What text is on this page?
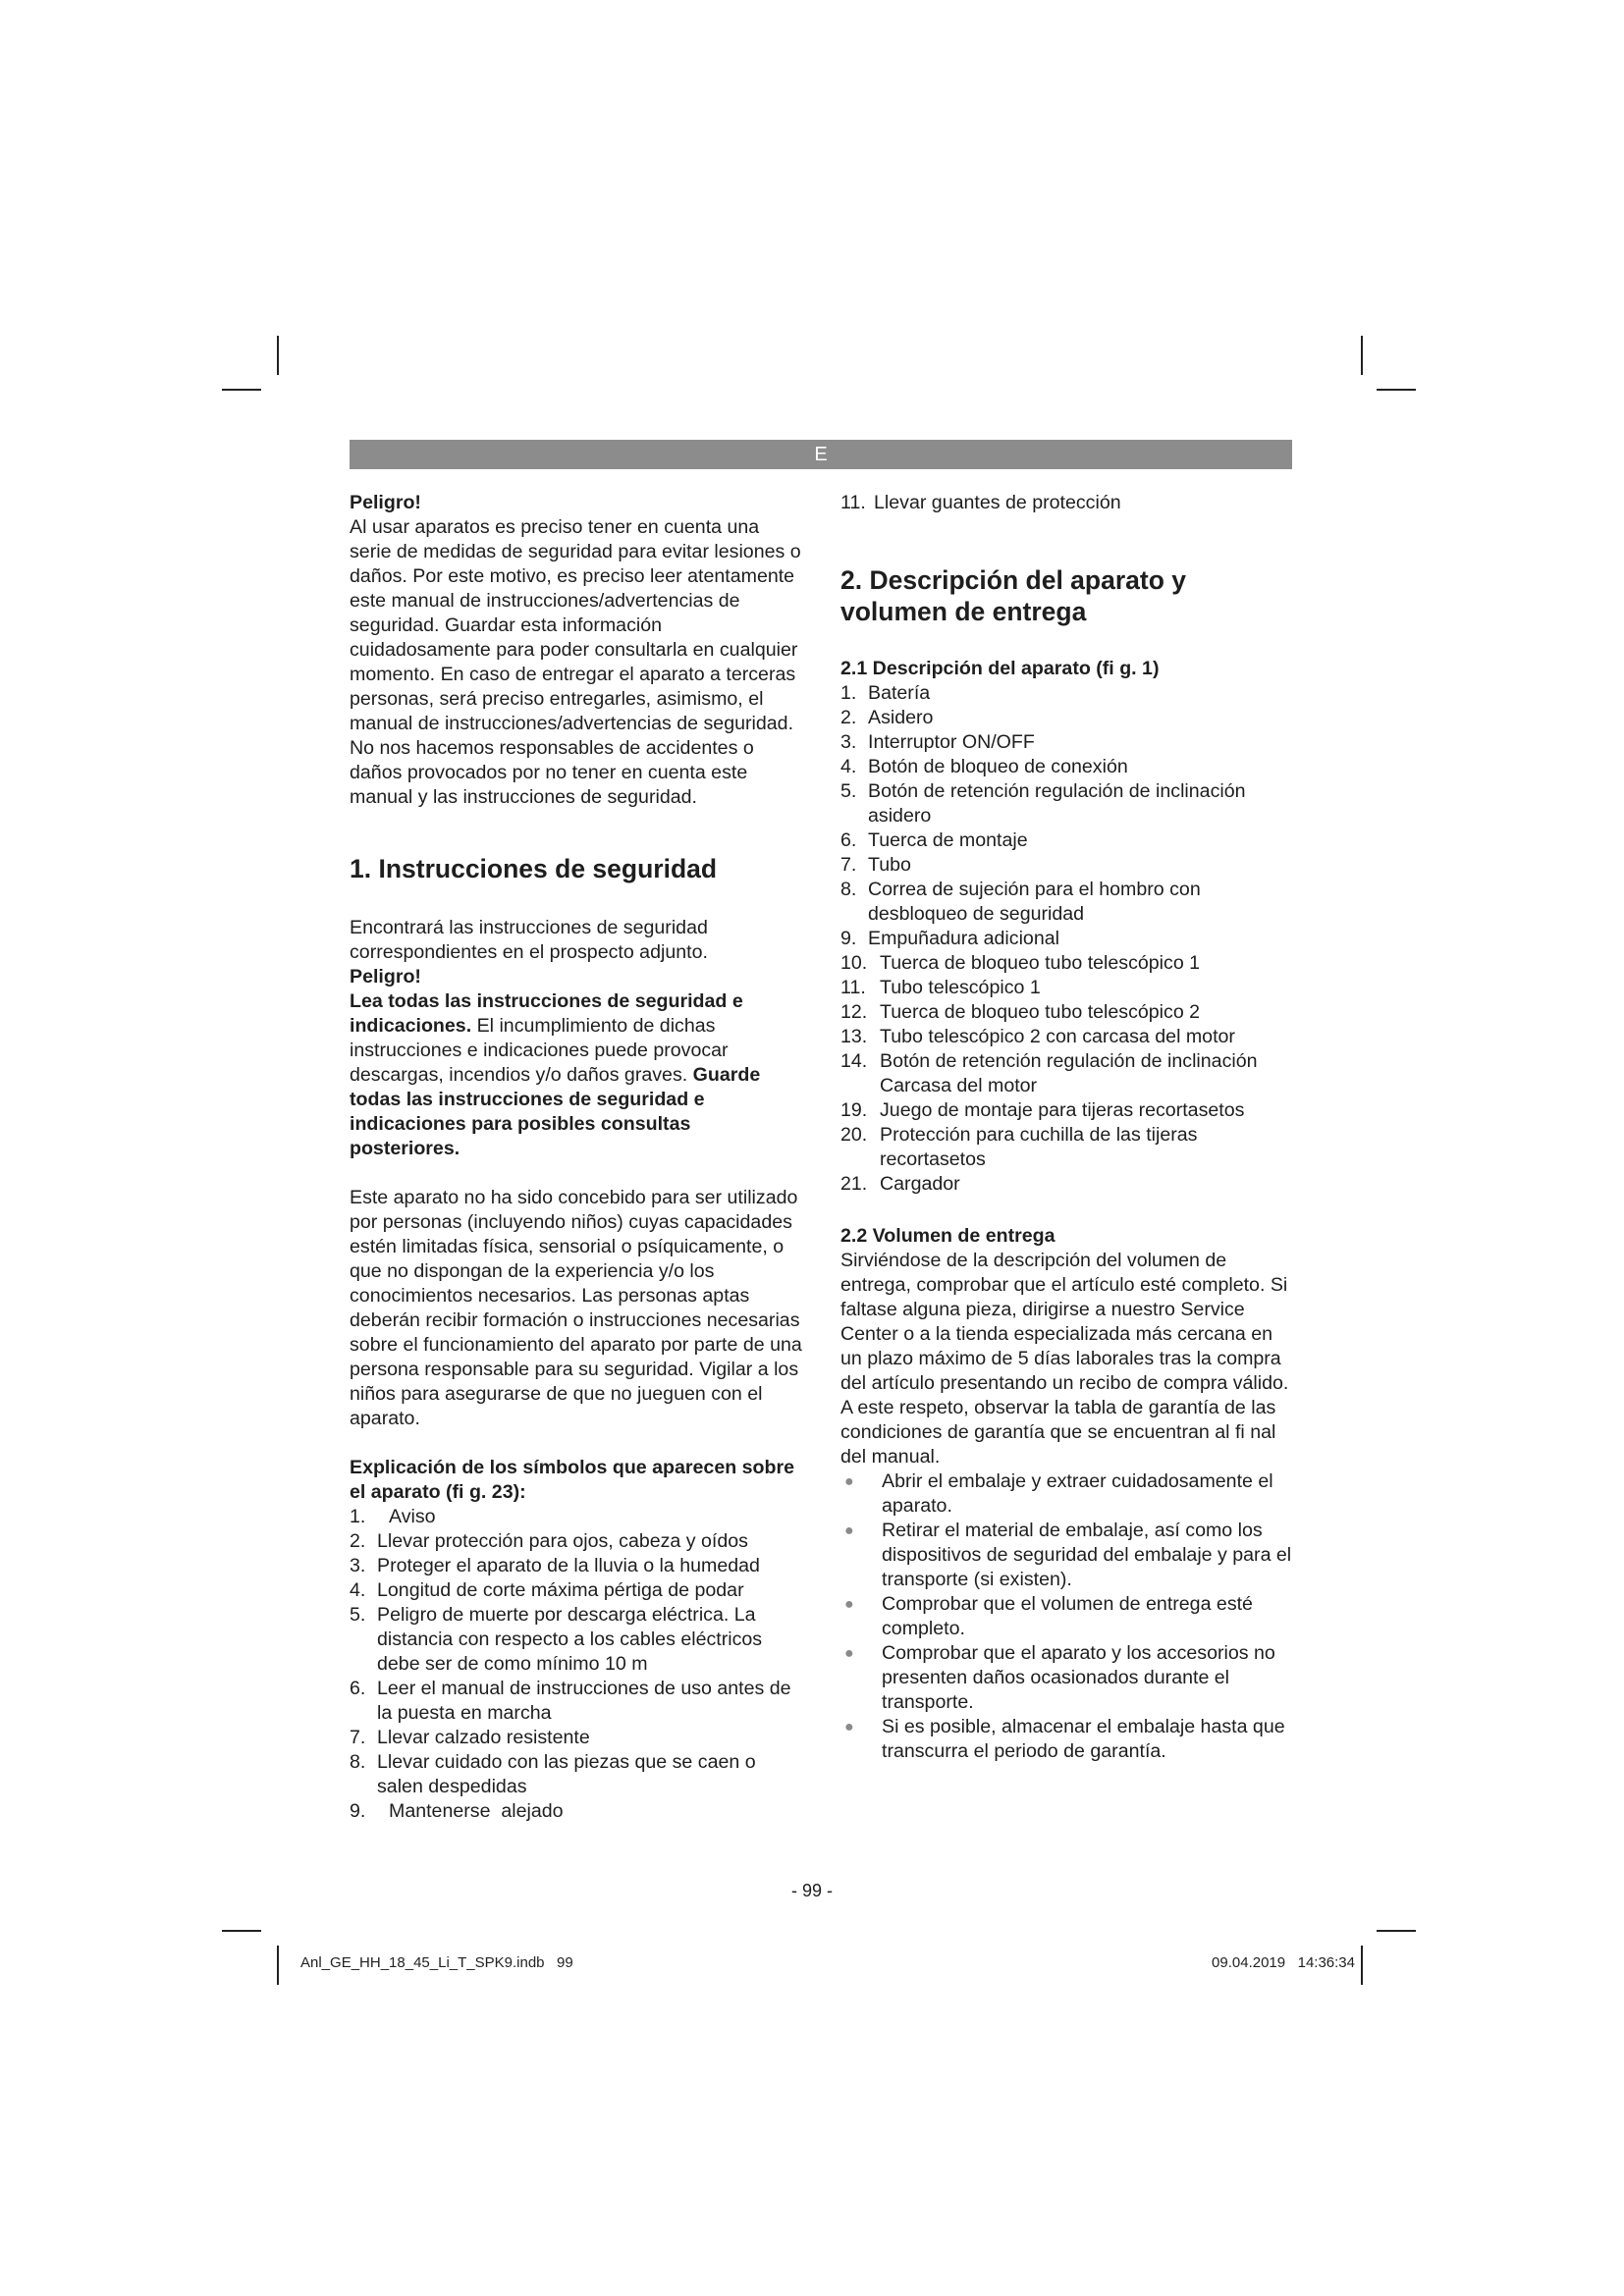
E

Peligro!

Al usar aparatos es preciso tener en cuenta una serie de medidas de seguridad para evitar lesiones o daños. Por este motivo, es preciso leer atentamente este manual de instrucciones/advertencias de seguridad. Guardar esta información cuidadosamente para poder consultarla en cualquier momento. En caso de entregar el aparato a terceras personas, será preciso entregarles, asimismo, el manual de instrucciones/advertencias de seguridad. No nos hacemos responsables de accidentes o daños provocados por no tener en cuenta este manual y las instrucciones de seguridad.

1. Instrucciones de seguridad

Encontrará las instrucciones de seguridad correspondientes en el prospecto adjunto.

Peligro!

Lea todas las instrucciones de seguridad e indicaciones. El incumplimiento de dichas instrucciones e indicaciones puede provocar descargas, incendios y/o daños graves. Guarde todas las instrucciones de seguridad e indicaciones para posibles consultas posteriores.

Este aparato no ha sido concebido para ser utilizado por personas (incluyendo niños) cuyas capacidades estén limitadas física, sensorial o psíquicamente, o que no dispongan de la experiencia y/o los conocimientos necesarios. Las personas aptas deberán recibir formación o instrucciones necesarias sobre el funcionamiento del aparato por parte de una persona responsable para su seguridad. Vigilar a los niños para asegurarse de que no jueguen con el aparato.

Explicación de los símbolos que aparecen sobre el aparato (fi g. 23):
1.	Aviso
2. Llevar protección para ojos, cabeza y oídos
3. Proteger el aparato de la lluvia o la humedad
4. Longitud de corte máxima pértiga de podar
5. Peligro de muerte por descarga eléctrica. La distancia con respecto a los cables eléctricos debe ser de como mínimo 10 m
6. Leer el manual de instrucciones de uso antes de la puesta en marcha
7. Llevar calzado resistente
8. Llevar cuidado con las piezas que se caen o salen despedidas
9.	Mantenerse  alejado
11. Llevar guantes de protección
2. Descripción del aparato y volumen de entrega
2.1 Descripción del aparato (fi g. 1)
1. Batería
2. Asidero
3. Interruptor ON/OFF
4. Botón de bloqueo de conexión
5. Botón de retención regulación de inclinación asidero
6. Tuerca de montaje
7. Tubo
8. Correa de sujeción para el hombro con desbloqueo de seguridad
9. Empuñadura adicional
10. Tuerca de bloqueo tubo telescópico 1
11. Tubo telescópico 1
12. Tuerca de bloqueo tubo telescópico 2
13. Tubo telescópico 2 con carcasa del motor
14. Botón de retención regulación de inclinación Carcasa del motor
19. Juego de montaje para tijeras recortasetos
20. Protección para cuchilla de las tijeras recortasetos
21. Cargador
2.2 Volumen de entrega

Sirviéndose de la descripción del volumen de entrega, comprobar que el artículo esté completo. Si faltase alguna pieza, dirigirse a nuestro Service Center o a la tienda especializada más cercana en un plazo máximo de 5 días laborales tras la compra del artículo presentando un recibo de compra válido. A este respeto, observar la tabla de garantía de las condiciones de garantía que se encuentran al fi nal del manual.

●	Abrir el embalaje y extraer cuidadosamente el aparato.
●	Retirar el material de embalaje, así como los dispositivos de seguridad del embalaje y para el transporte (si existen).
●	Comprobar que el volumen de entrega esté completo.
●	Comprobar que el aparato y los accesorios no presenten daños ocasionados durante el transporte.
●	Si es posible, almacenar el embalaje hasta que transcurra el periodo de garantía.
- 99 -
Anl_GE_HH_18_45_Li_T_SPK9.indb   99	09.04.2019   14:36:34
